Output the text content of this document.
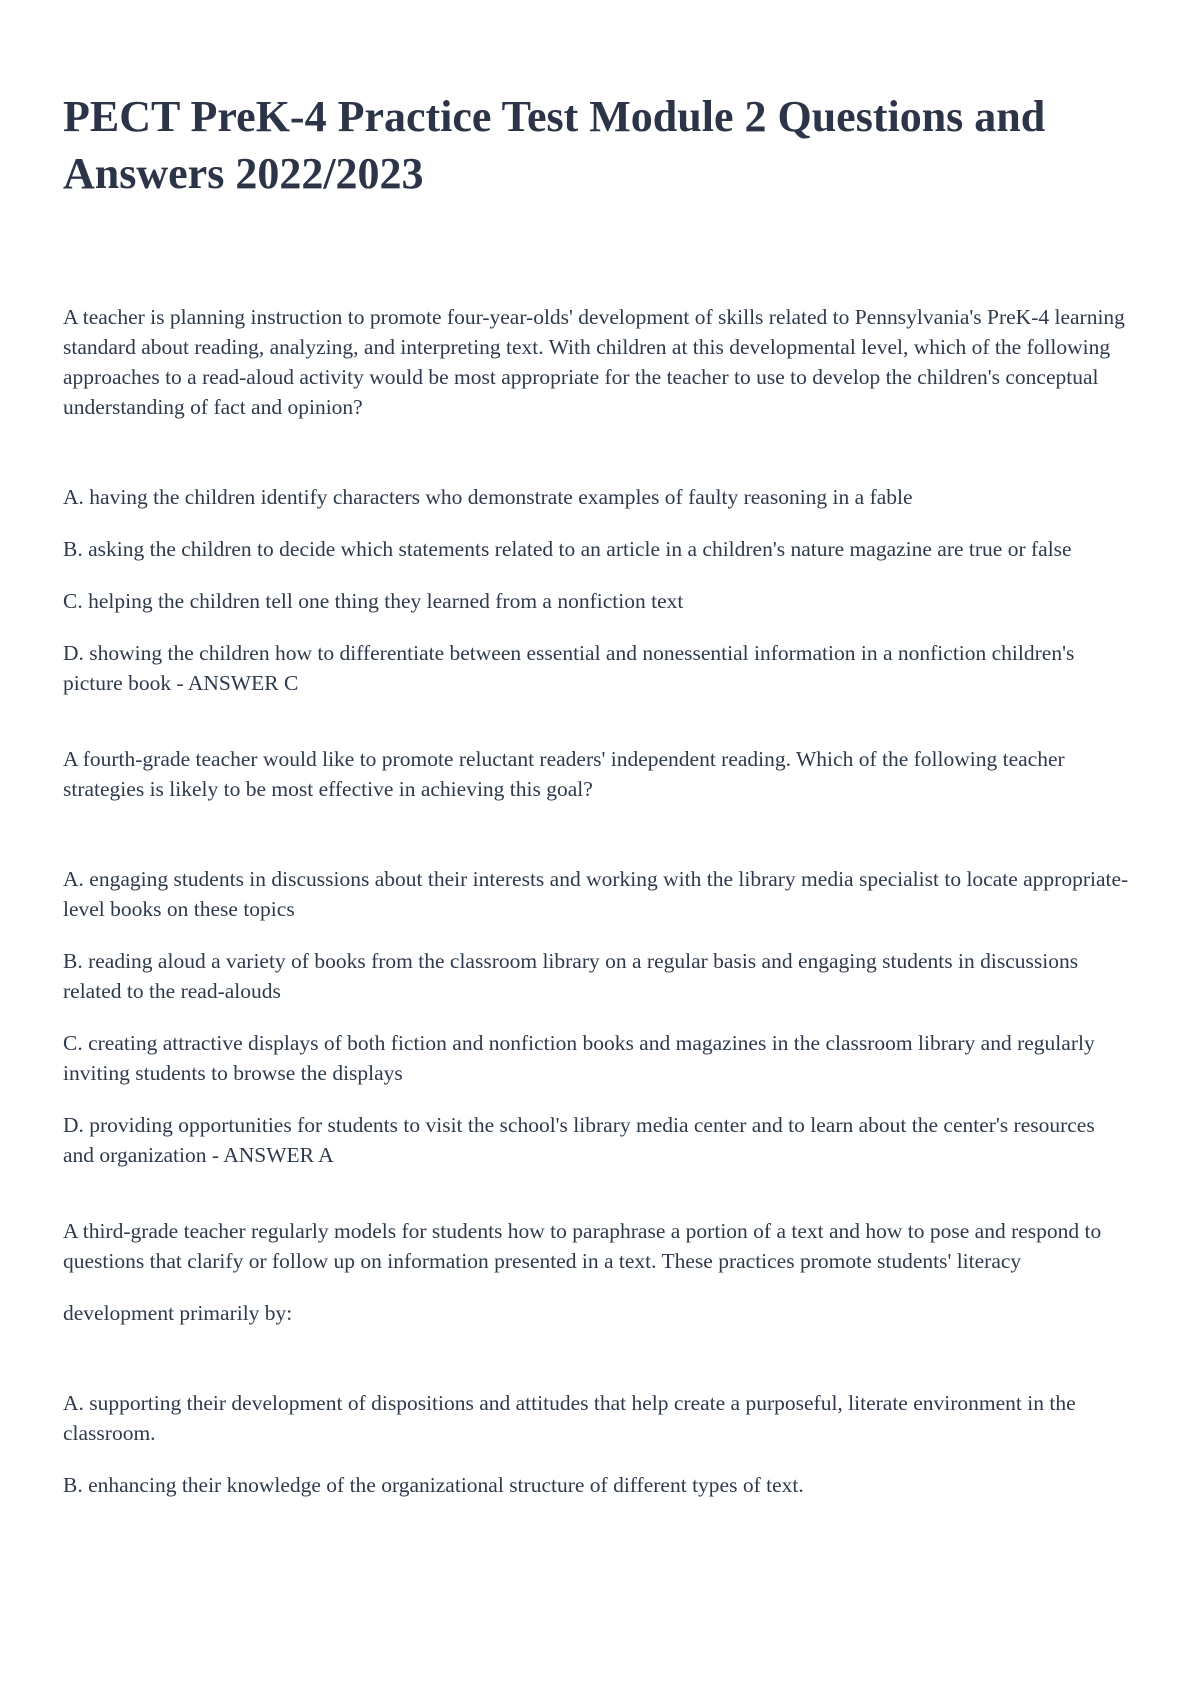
PECT PreK-4 Practice Test Module 2 Questions and Answers 2022/2023

A teacher is planning instruction to promote four-year-olds' development of skills related to Pennsylvania's PreK-4 learning standard about reading, analyzing, and interpreting text. With children at this developmental level, which of the following approaches to a read-aloud activity would be most appropriate for the teacher to use to develop the children's conceptual understanding of fact and opinion?

A. having the children identify characters who demonstrate examples of faulty reasoning in a fable

B. asking the children to decide which statements related to an article in a children's nature magazine are true or false

C. helping the children tell one thing they learned from a nonfiction text

D. showing the children how to differentiate between essential and nonessential information in a nonfiction children's picture book - ANSWER C

A fourth-grade teacher would like to promote reluctant readers' independent reading. Which of the following teacher strategies is likely to be most effective in achieving this goal?

A. engaging students in discussions about their interests and working with the library media specialist to locate appropriate-level books on these topics

B. reading aloud a variety of books from the classroom library on a regular basis and engaging students in discussions related to the read-alouds

C. creating attractive displays of both fiction and nonfiction books and magazines in the classroom library and regularly inviting students to browse the displays

D. providing opportunities for students to visit the school's library media center and to learn about the center's resources and organization - ANSWER A

A third-grade teacher regularly models for students how to paraphrase a portion of a text and how to pose and respond to questions that clarify or follow up on information presented in a text. These practices promote students' literacy

development primarily by:

A. supporting their development of dispositions and attitudes that help create a purposeful, literate environment in the classroom.

B. enhancing their knowledge of the organizational structure of different types of text.
